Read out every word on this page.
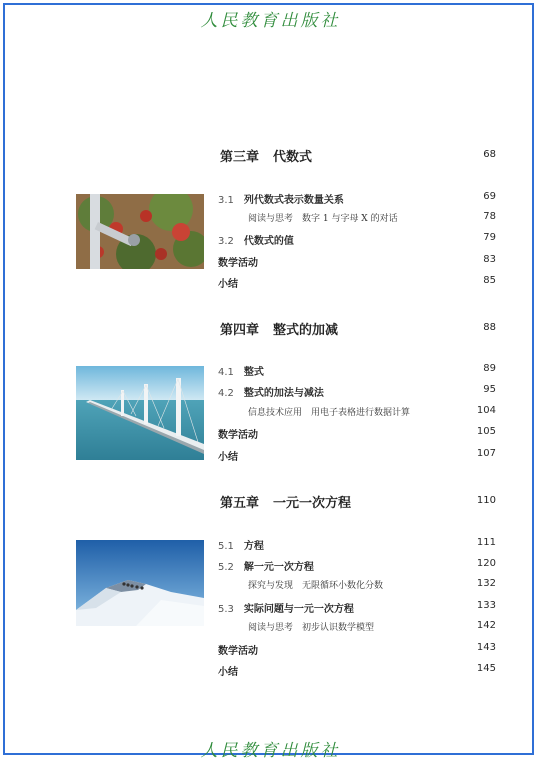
人民教育出版社
第三章 代数式	68
3.1 列代数式表示数量关系	69
阅读与思考　数字 1 与字母 X 的对话	78
3.2 代数式的值	79
数学活动	83
小结	85
第四章 整式的加减	88
4.1 整式	89
4.2 整式的加法与减法	95
信息技术应用　用电子表格进行数据计算	104
数学活动	105
小结	107
第五章 一元一次方程	110
5.1 方程	111
5.2 解一元一次方程	120
探究与发现　无限循环小数化分数	132
5.3 实际问题与一元一次方程	133
阅读与思考　初步认识数学模型	142
数学活动	143
小结	145
人民教育出版社
